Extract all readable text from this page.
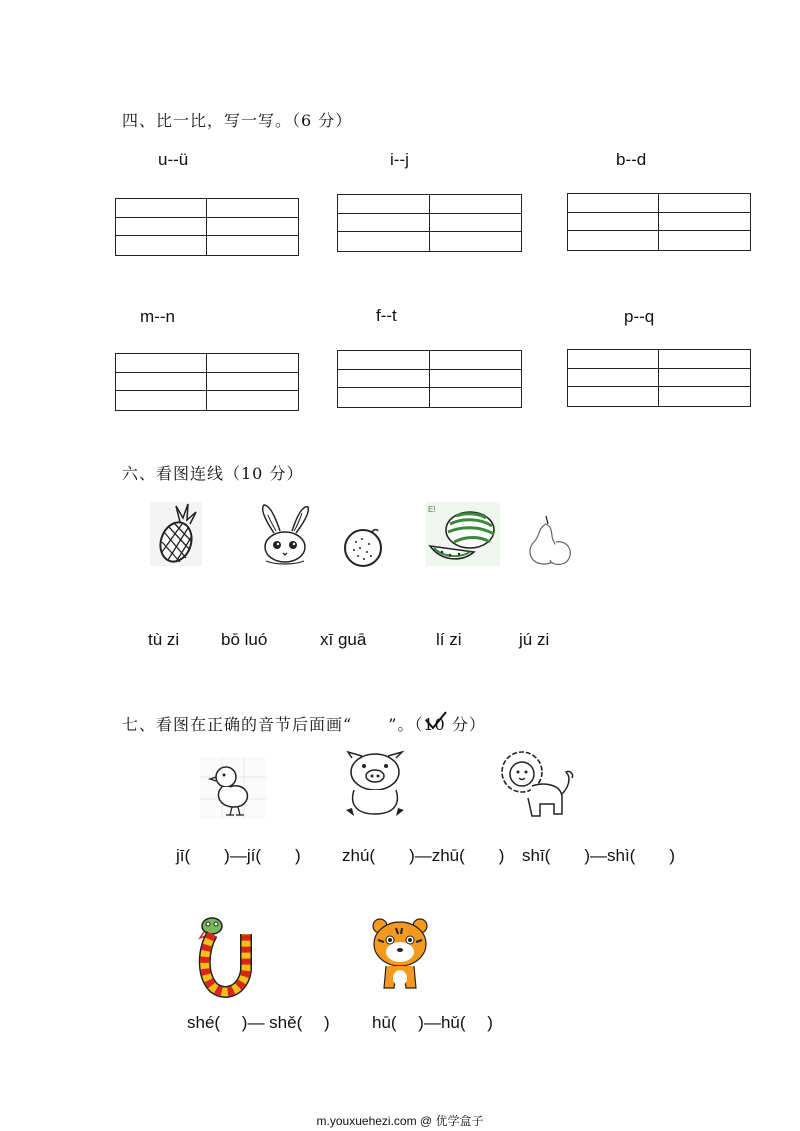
四、比一比，写一写。（6 分）
u--ü	i--j	b--d
m--n	f--t	p--q
六、看图连线（10 分）
E!
tù zi bō luó	xī guā	lí zi	jú zi
七、看图在正确的音节后面画“ ”。（10 分）
jī(　　)—jí(　　) zhú(　　)—zhū(　　) shī(　　)—shì(　　)
shé(　 )— shě(　 ) hū(　 )—hǔ(　 )
m.youxuehezi.com @ 优学盒子
